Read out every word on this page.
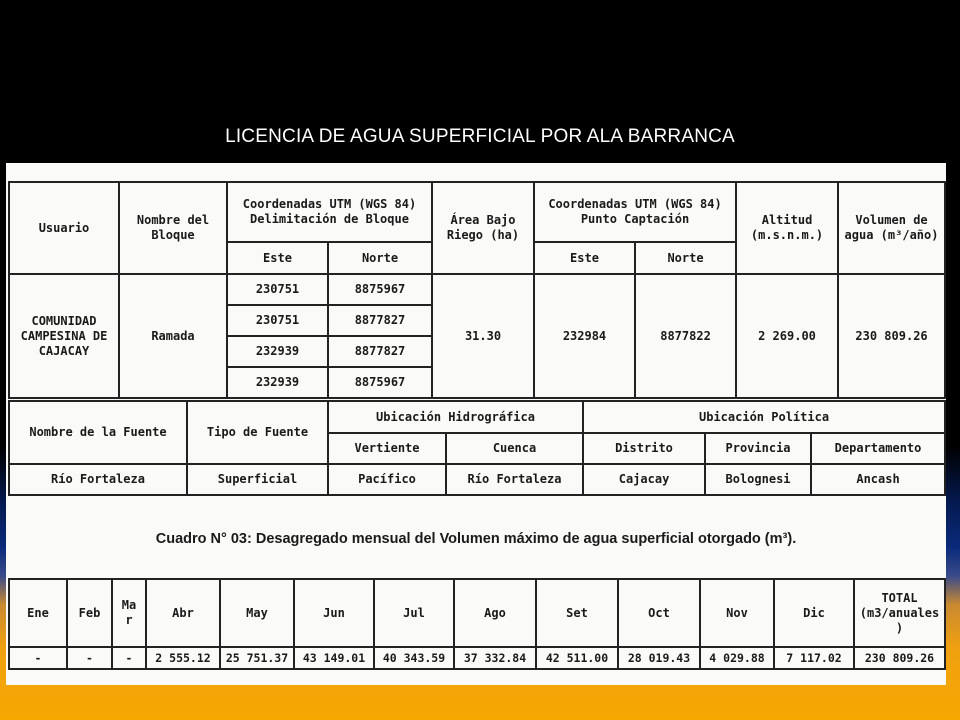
LICENCIA DE AGUA SUPERFICIAL POR ALA BARRANCA
Usuario	Nombre del Bloque	Coordenadas UTM (WGS 84) Delimitación de Bloque		Área Bajo Riego (ha)	Coordenadas UTM (WGS 84) Punto Captación		Altitud (m.s.n.m.)	Volumen de agua (m³/año)
		Este	Norte		Este	Norte		
COMUNIDAD CAMPESINA DE CAJACAY	Ramada	230751	8875967	31.30	232984	8877822	2 269.00	230 809.26
		230751	8877827					
		232939	8877827					
		232939	8875967					
Nombre de la Fuente	Tipo de Fuente	Ubicación Hidrográfica		Ubicación Política		
		Vertiente	Cuenca	Distrito	Provincia	Departamento
Río Fortaleza	Superficial	Pacífico	Río Fortaleza	Cajacay	Bolognesi	Ancash
Cuadro N° 03: Desagregado mensual del Volumen máximo de agua superficial otorgado (m³).
Ene	Feb	Ma r	Abr	May	Jun	Jul	Ago	Set	Oct	Nov	Dic	TOTAL (m3/anuales )
-	-	-	2 555.12	25 751.37	43 149.01	40 343.59	37 332.84	42 511.00	28 019.43	4 029.88	7 117.02	230 809.26
